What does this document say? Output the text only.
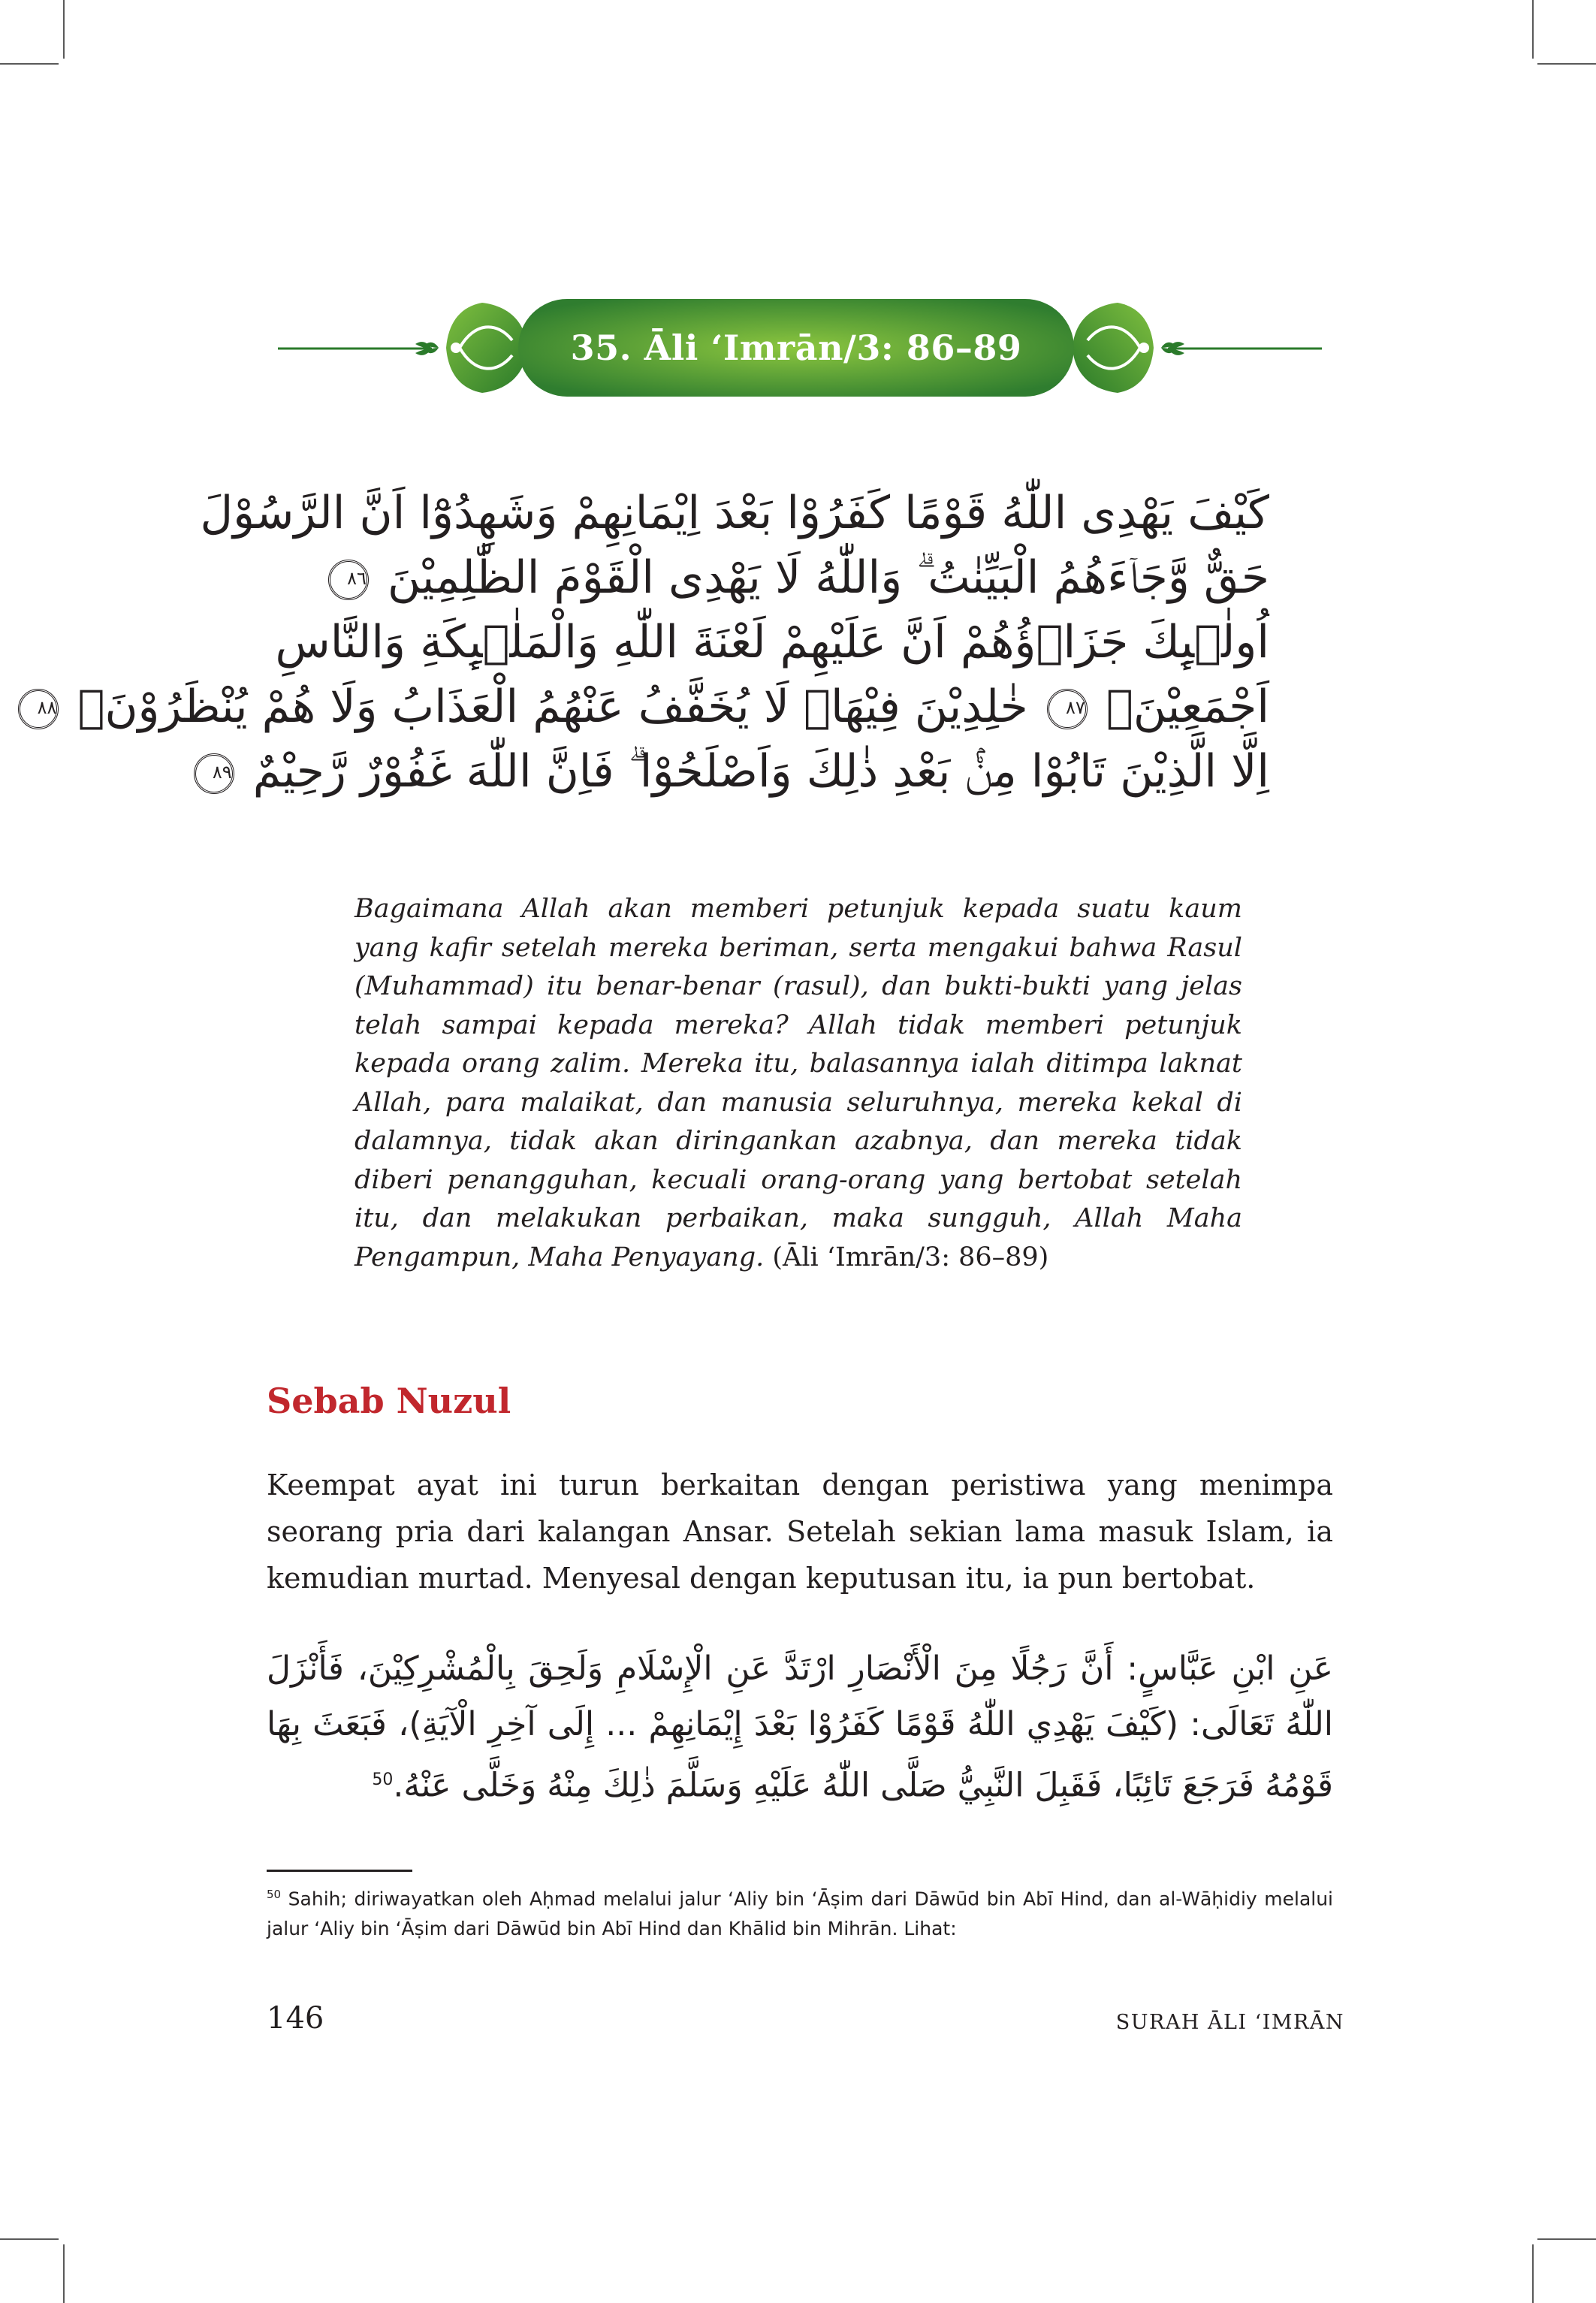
35. Āli ‘Imrān/3: 86–89
كَيْفَ يَهْدِى اللّٰهُ قَوْمًا كَفَرُوْا بَعْدَ اِيْمَانِهِمْ وَشَهِدُوْٓا اَنَّ الرَّسُوْلَ
حَقٌّ وَّجَاۤءَهُمُ الْبَيِّنٰتُ ۗ وَاللّٰهُ لَا يَهْدِى الْقَوْمَ الظّٰلِمِيْنَ ٨٦
اُولٰۤىِٕكَ جَزَاۤؤُهُمْ اَنَّ عَلَيْهِمْ لَعْنَةَ اللّٰهِ وَالْمَلٰۤىِٕكَةِ وَالنَّاسِ
اَجْمَعِيْنَۙ ٨٧ خٰلِدِيْنَ فِيْهَاۚ لَا يُخَفَّفُ عَنْهُمُ الْعَذَابُ وَلَا هُمْ يُنْظَرُوْنَۙ ٨٨
اِلَّا الَّذِيْنَ تَابُوْا مِنْۢ بَعْدِ ذٰلِكَ وَاَصْلَحُوْا ۗ فَاِنَّ اللّٰهَ غَفُوْرٌ رَّحِيْمٌ ٨٩
Bagaimana Allah akan memberi petunjuk kepada suatu kaum yang kafir setelah mereka beriman, serta mengakui bahwa Rasul (Muhammad) itu benar-benar (rasul), dan bukti-bukti yang jelas telah sampai kepada mereka? Allah tidak memberi petunjuk kepada orang zalim. Mereka itu, balasannya ialah ditimpa laknat Allah, para malaikat, dan manusia seluruhnya, mereka kekal di dalamnya, tidak akan diringankan azabnya, dan mereka tidak diberi penangguhan, kecuali orang-orang yang bertobat setelah itu, dan melakukan perbaikan, maka sungguh, Allah Maha Pengampun, Maha Penyayang. (Āli ‘Imrān/3: 86–89)
Sebab Nuzul
Keempat ayat ini turun berkaitan dengan peristiwa yang menimpa seorang pria dari kalangan Ansar. Setelah sekian lama masuk Islam, ia kemudian murtad. Menyesal dengan keputusan itu, ia pun bertobat.
عَنِ ابْنِ عَبَّاسٍ: أَنَّ رَجُلًا مِنَ الْأَنْصَارِ ارْتَدَّ عَنِ الْإِسْلَامِ وَلَحِقَ بِالْمُشْرِكِيْنَ، فَأَنْزَلَ اللّٰهُ تَعَالَى: (كَيْفَ يَهْدِي اللّٰهُ قَوْمًا كَفَرُوْا بَعْدَ إِيْمَانِهِمْ ... إِلَى آخِرِ الْآيَةِ)، فَبَعَثَ بِهَا قَوْمُهُ فَرَجَعَ تَائِبًا، فَقَبِلَ النَّبِيُّ صَلَّى اللّٰهُ عَلَيْهِ وَسَلَّمَ ذٰلِكَ مِنْهُ وَخَلَّى عَنْهُ.$^{50}$
$^{50}$ Sahih; diriwayatkan oleh Aḥmad melalui jalur ‘Aliy bin ‘Āṣim dari Dāwūd bin Abī Hind, dan al-Wāḥidiy melalui jalur ‘Aliy bin ‘Āṣim dari Dāwūd bin Abī Hind dan Khālid bin Mihrān. Lihat:
146	SURAH ĀLI ‘IMRĀN
